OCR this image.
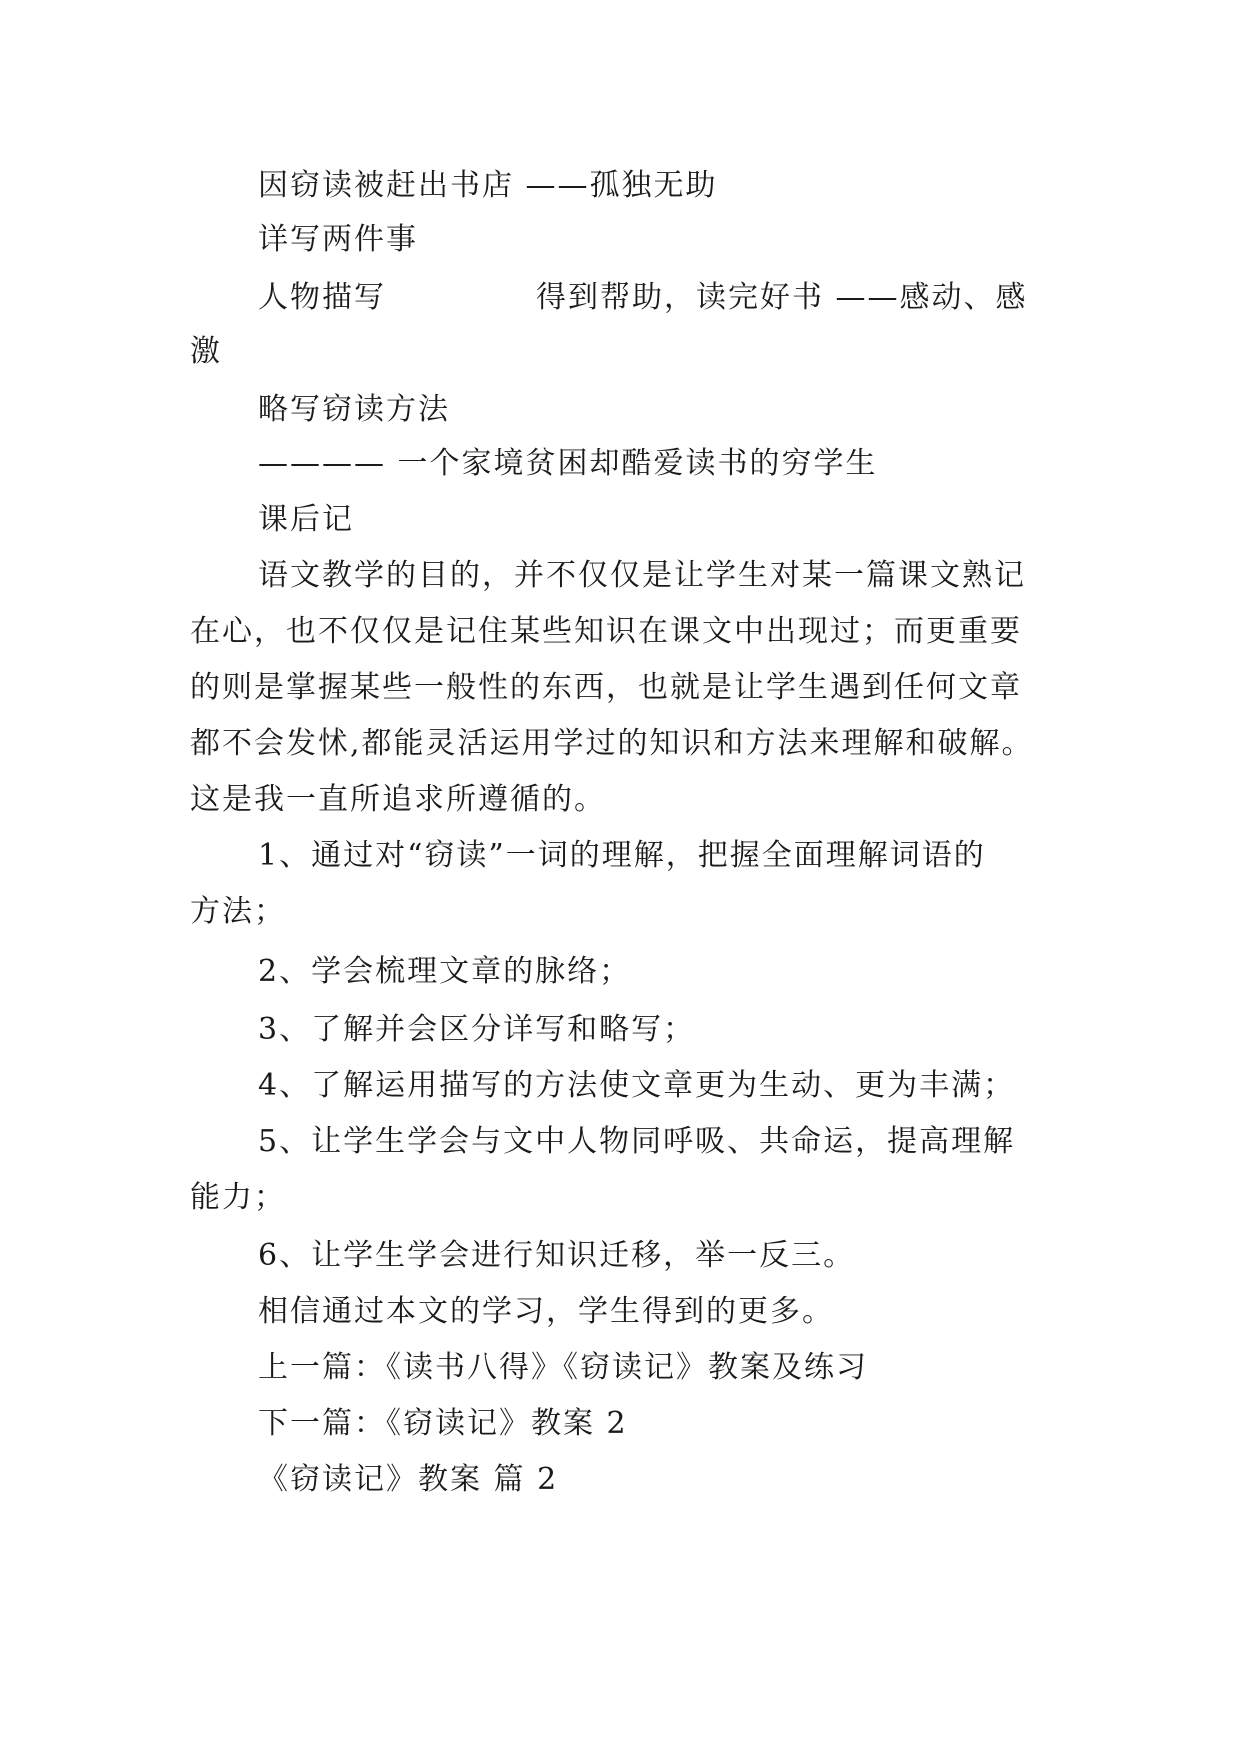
因窃读被赶出书店 ——孤独无助
详写两件事
人物描写	得到帮助，读完好书 ——感动、感
激
略写窃读方法
———— 一个家境贫困却酷爱读书的穷学生
课后记
语文教学的目的，并不仅仅是让学生对某一篇课文熟记
在心，也不仅仅是记住某些知识在课文中出现过；而更重要
的则是掌握某些一般性的东西，也就是让学生遇到任何文章
都不会发怵,都能灵活运用学过的知识和方法来理解和破解。
这是我一直所追求所遵循的。
1、通过对“窃读”一词的理解，把握全面理解词语的
方法；
2、学会梳理文章的脉络；
3、了解并会区分详写和略写；
4、了解运用描写的方法使文章更为生动、更为丰满；
5、让学生学会与文中人物同呼吸、共命运，提高理解
能力；
6、让学生学会进行知识迁移，举一反三。
相信通过本文的学习，学生得到的更多。
上一篇：《读书八得》《窃读记》教案及练习
下一篇：《窃读记》教案 2
《窃读记》教案 篇 2
